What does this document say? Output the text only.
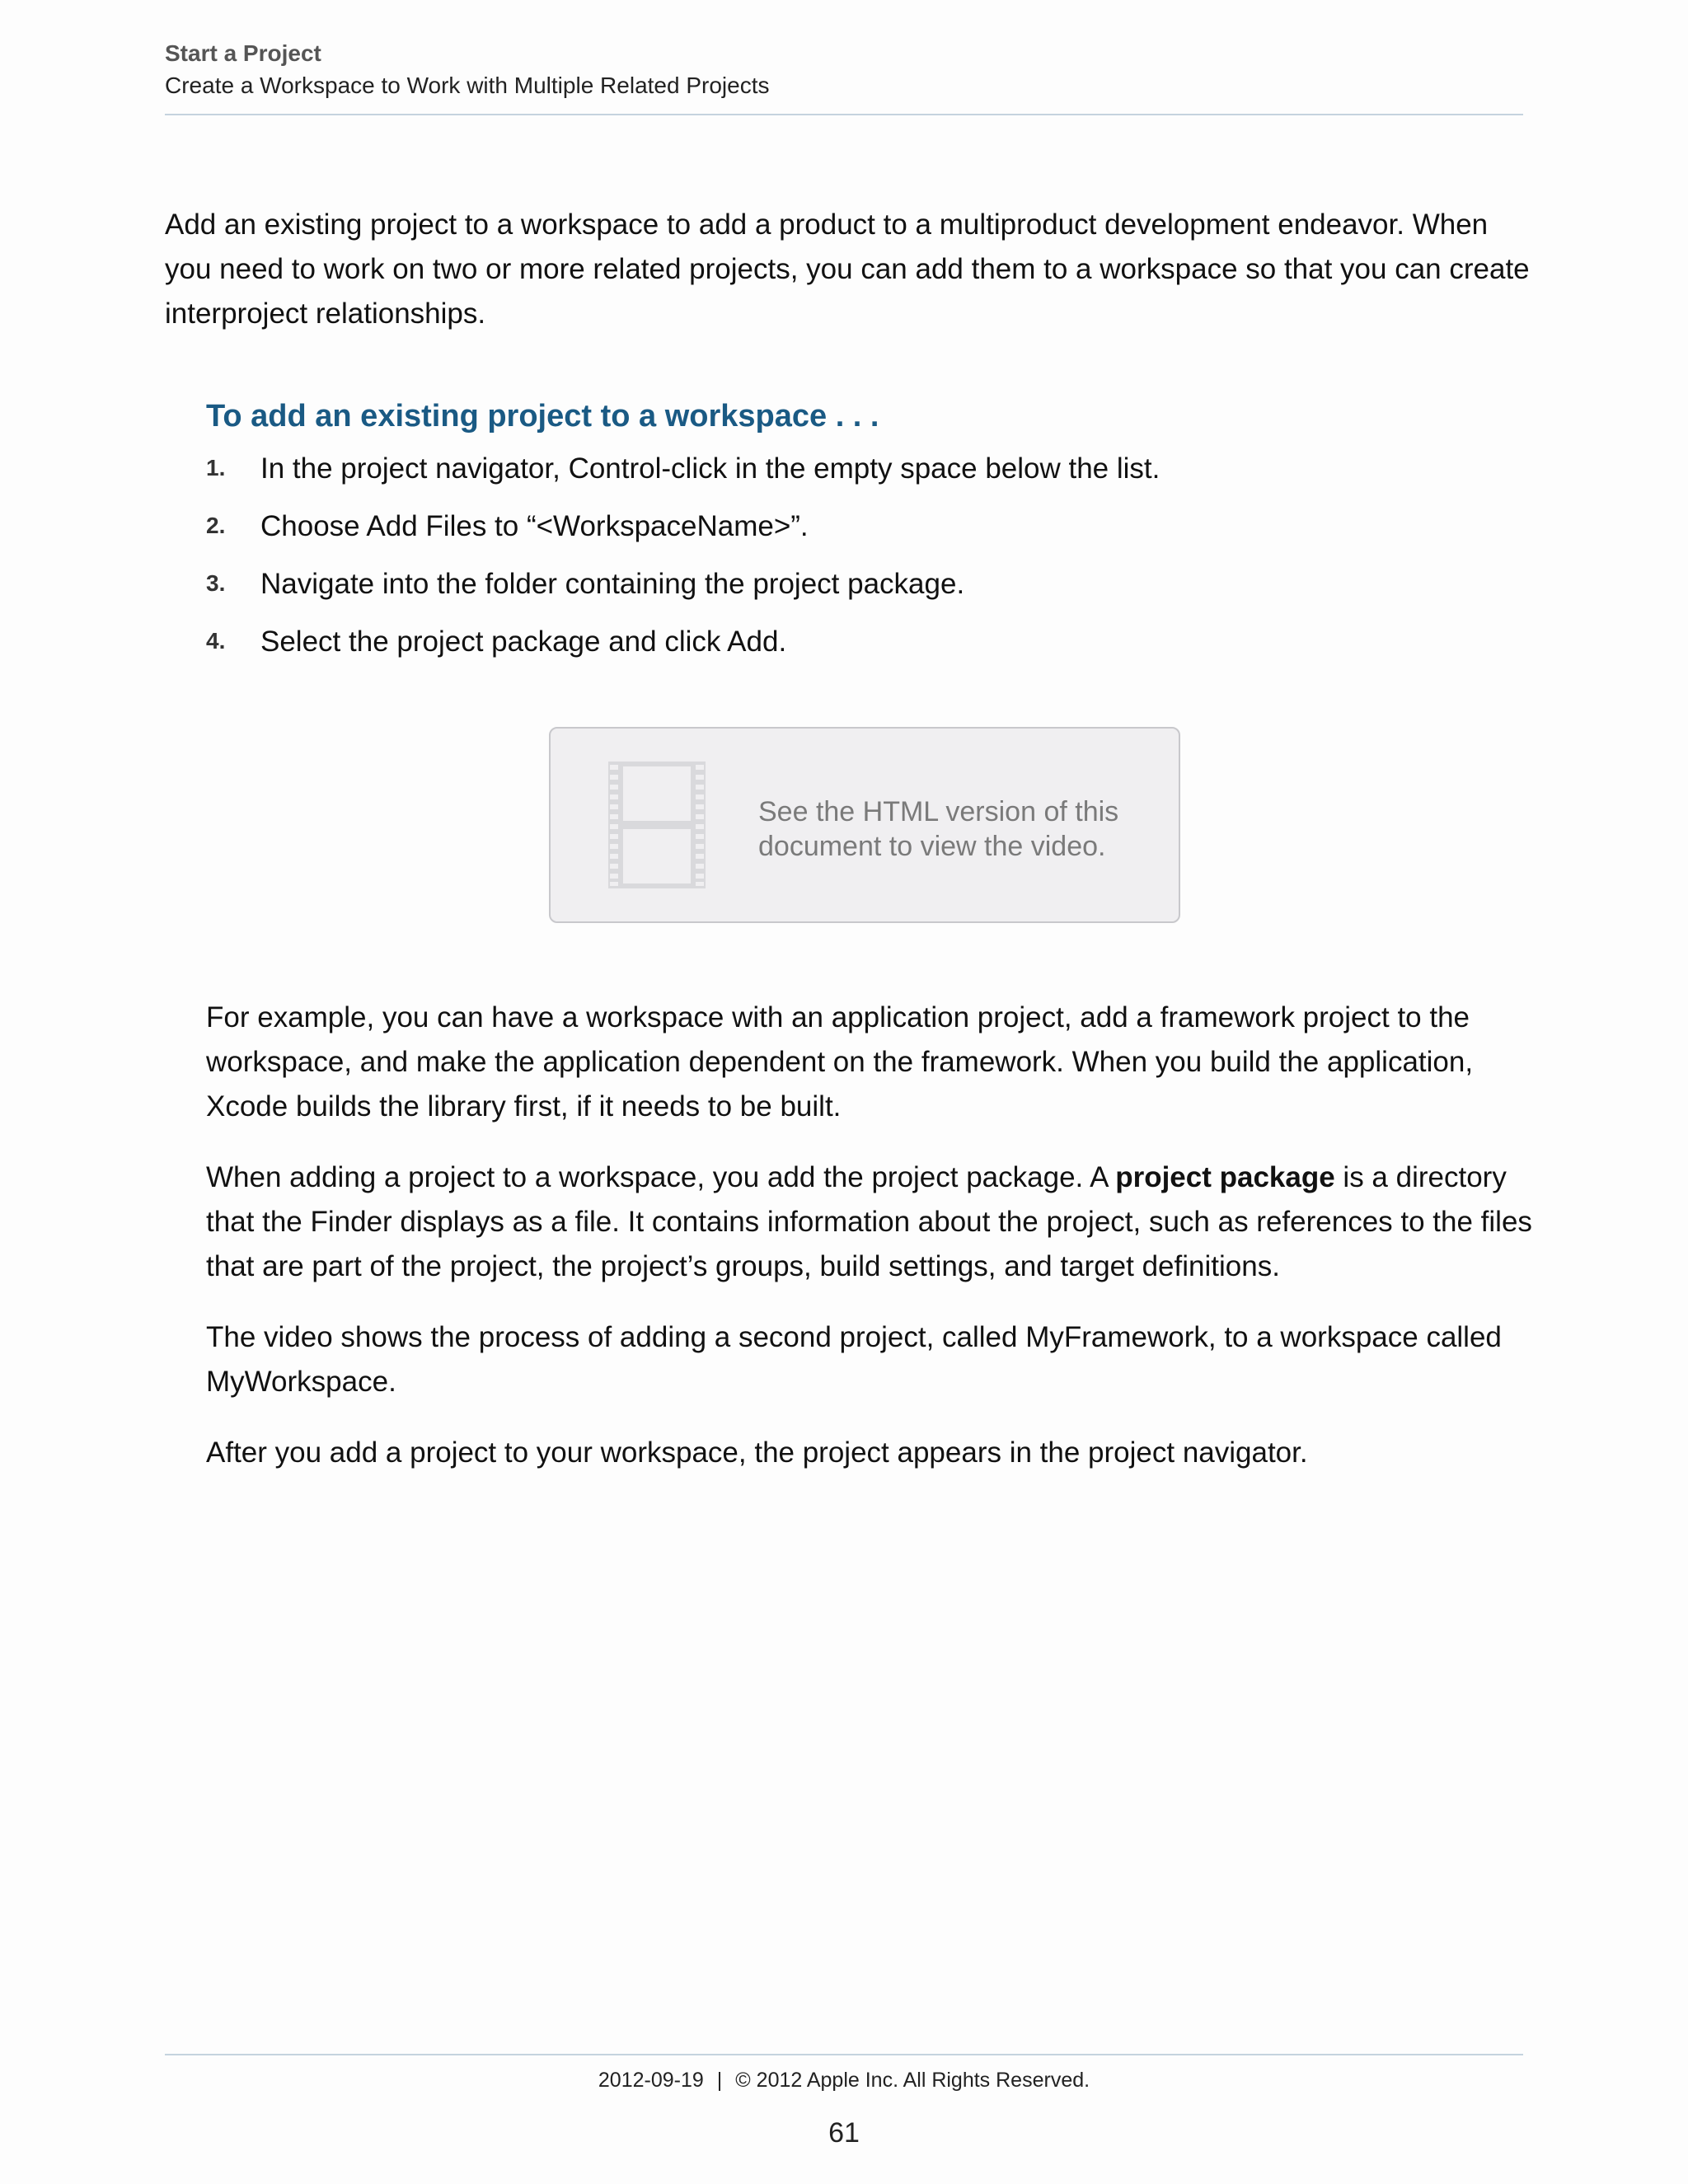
Start a Project
Create a Workspace to Work with Multiple Related Projects

Add an existing project to a workspace to add a product to a multiproduct development endeavor. When you need to work on two or more related projects, you can add them to a workspace so that you can create interproject relationships.

To add an existing project to a workspace . . .
1. In the project navigator, Control-click in the empty space below the list.
2. Choose Add Files to “<WorkspaceName>”.
3. Navigate into the folder containing the project package.
4. Select the project package and click Add.
See the HTML version of this document to view the video.

For example, you can have a workspace with an application project, add a framework project to the workspace, and make the application dependent on the framework. When you build the application, Xcode builds the library first, if it needs to be built.

When adding a project to a workspace, you add the project package. A project package is a directory that the Finder displays as a file. It contains information about the project, such as references to the files that are part of the project, the project’s groups, build settings, and target definitions.

The video shows the process of adding a second project, called MyFramework, to a workspace called MyWorkspace.

After you add a project to your workspace, the project appears in the project navigator.

2012-09-19 | © 2012 Apple Inc. All Rights Reserved.
61
